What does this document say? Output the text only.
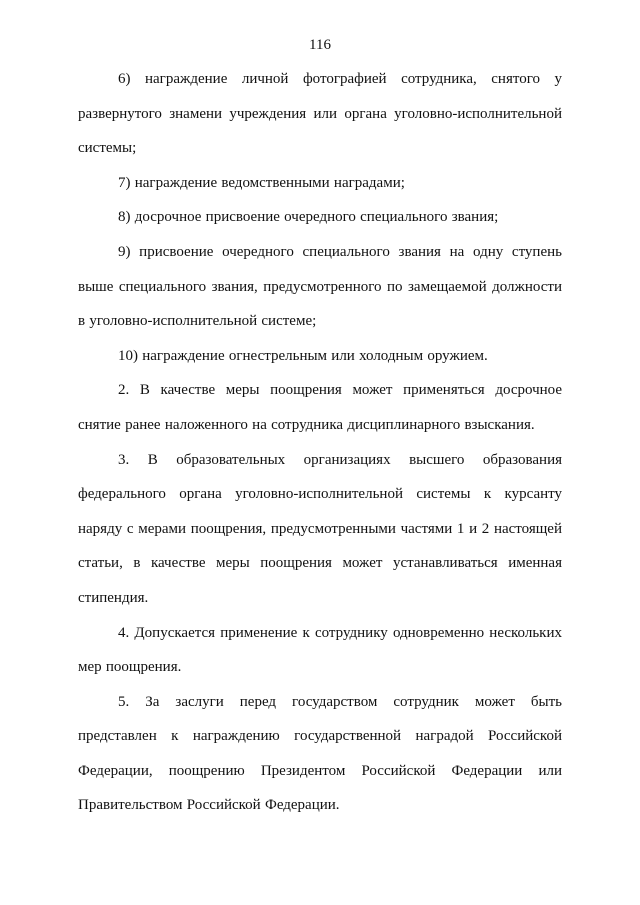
116

6) награждение личной фотографией сотрудника, снятого у развернутого знамени учреждения или органа уголовно-исполнительной системы;

7) награждение ведомственными наградами;

8) досрочное присвоение очередного специального звания;

9) присвоение очередного специального звания на одну ступень выше специального звания, предусмотренного по замещаемой должности в уголовно-исполнительной системе;

10) награждение огнестрельным или холодным оружием.

2. В качестве меры поощрения может применяться досрочное снятие ранее наложенного на сотрудника дисциплинарного взыскания.

3. В образовательных организациях высшего образования федерального органа уголовно-исполнительной системы к курсанту наряду с мерами поощрения, предусмотренными частями 1 и 2 настоящей статьи, в качестве меры поощрения может устанавливаться именная стипендия.

4. Допускается применение к сотруднику одновременно нескольких мер поощрения.

5. За заслуги перед государством сотрудник может быть представлен к награждению государственной наградой Российской Федерации, поощрению Президентом Российской Федерации или Правительством Российской Федерации.
